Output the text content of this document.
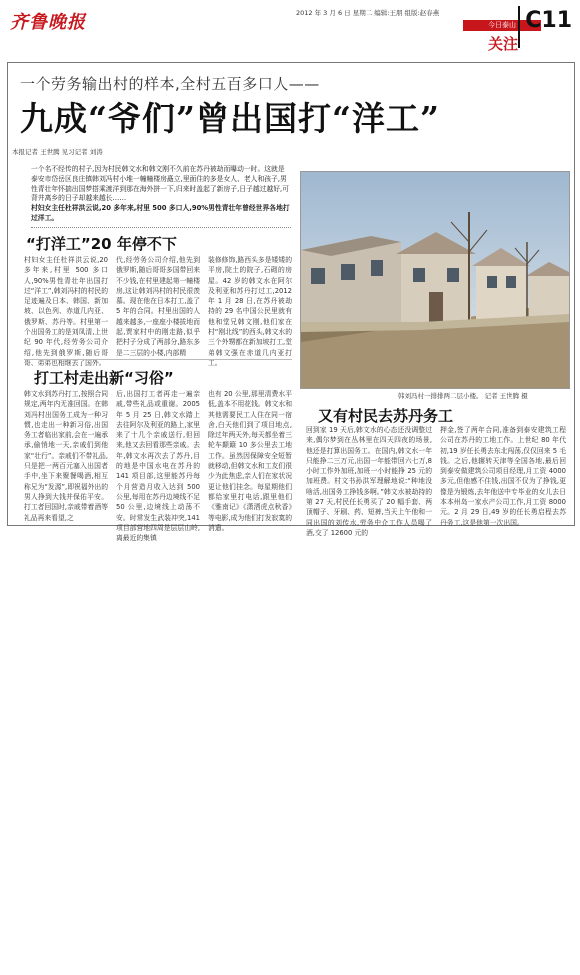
齐鲁晚报	2012 年 3 月 6 日 星期二 编辑:王朋 组版:赵春燕
今日泰山
关注
C11
一个劳务输出村的样本,全村五百多口人——
九成“爷们”曾出国打“洋工”
本报记者 王世腾 见习记者 刘涛

一个名不经传的村子,因为村民韩文水和韩文刚不久前在苏丹被劫而曝动一时。这就是泰安市岱岳区良庄镇韩刘冯村小堆一幢幢楼房矗立,里面住的多是女人、老人和孩子,男性青壮年怀揣出国梦搭乘渡洋到那在海外拼一下,归来时盖起了新房子,日子越过越好,可背井离乡的日子却越来越长……

村妇女主任杜祥洪云说,20 多年来,村里 500 多口人,90%男性青壮年曾经世界各地打过洋工。

韩刘冯村一排排两二层小楼。 记者 王世腾 摄
“打洋工”20 年停不下

村妇女主任杜祥洪云说,20 多年来,村里 500 多口人,90%男性青壮年出国打过“洋工”,韩刘冯村的村民的足迹遍及日本、韩国、新加坡、以色列、赤道几内亚、俄罗斯、苏丹等。村里第一个出国务工的是刘凤清,上世纪 90 年代,经劳务公司介绍,他先到俄罗斯,随后哥哥、弟弟也相继去了国外。

代,经劳务公司介绍,他先到俄罗斯,随后哥哥多国带回来不少钱,在村里建起第一幢楼房,这让韩刘冯村的村民很羡慕。现在他在日本打工,盖了 5 年的合同。村里出国的人越来越多,一座座小楼拔地而起,贾家村中的刚走路,似乎把村子分成了两部分,路东多是二三层的小楼,内部精

装修修饰,路西头多是矮矮的平房,院土的院子,石砌的房屋。42 岁的韩文水在阿尔及利亚和苏丹打过工,2012 年 1 月 28 日,在苏丹被劫持的 29 名中国公民里就有他和堂兄韩文刚,他们家在村“刚北线”的西头,韩文水的三个外甥都在新加坡打工,堂弟韩文强在赤道几内亚打工。

打工村走出新“习俗”

韩文水到苏丹打工,按照合同规定,两年内无准回国。在韩刘冯村出国务工成为一种习惯,也走出一种新习俗,出国务工者临出家前,会在一遍承承,偷悄地一天,亲戚们到他家“壮行”。亲戚们不带礼品,只是把一两百元塞入出国者手中,坐下来聚餐喝酒,相互称兄为“发源”,即祝福外出的男人挣到大钱并保佑平安。打工者回国时,亲戚带着酒等礼品再来看望,之

后,出国打工者再走一遍亲戚,带些礼品或重谢。2005 年 5 月 25 日,韩文水踏上去往阿尔及利亚的路上,家里来了十几个亲戚送行,但回来,他又去回看那些亲戚。去年,韩文水再次去了苏丹,目的地是中国水电在苏丹的 141 项目部,这里能苏丹每个月营造月收入达到 500 公里,每用在苏丹边境线不足 50 公里,边境线上动荡不安。时常发生武装冲突,141 项目部营地四周是层层山岭,离最近的集镇

也有 20 公里,那里清费水平低,盖本不用花钱。韩文水和其他需要民工人住在同一宿舍,白天他们到了项目地点,除过年两天外,每天都坐着三轮车颠簸 10 多公里去工地工作。虽然因保障安全短暂就移动,但韩文水和工友们很少为此焦虑,亲人们在家状况更让他们挂念。每星期他们都给家里打电话,跟里他们《雅南记》《潇洒虎点秋香》等电影,成为他们打发寂寞的消遣。

又有村民去苏丹务工

回到家 19 天后,韩文水的心态还没调整过来,偶尔梦到在丛林里在四天四夜的场景,他还是打算出国务工。在国内,韩文水一年只能挣二三万元,出国一年能带回六七万,8 小时工作外加班,加班一小时能挣 25 元的加班费。村文书孙洪军理解地说:“种地没啥活,出国务工挣钱多啊。”韩文水被劫持的第 27 天,村民任长勇买了 20 幅手套、两顶帽子、牙刷、药、短裤,当天上午他和一同出国的刘传水,劳务中介工作人员喝了酒,交了 12600 元的

押金,签了两年合同,准备到泰安建筑工程公司在苏丹的工地工作。上世纪 80 年代初,19 岁任长勇去东北闯荡,仅仅回来 5 毛钱。之后,他辗转天津等全国各地,最后回到泰安做建筑公司项目经理,月工资 4000 多元,但他感不住钱,出国不仅为了挣钱,更像是为锻炼,去年他送中专毕业的女儿去日本本州岛一家水产公司工作,月工资 8000 元。2 月 29 日,49 岁的任长勇启程去苏丹务工,这是他第一次出国。
